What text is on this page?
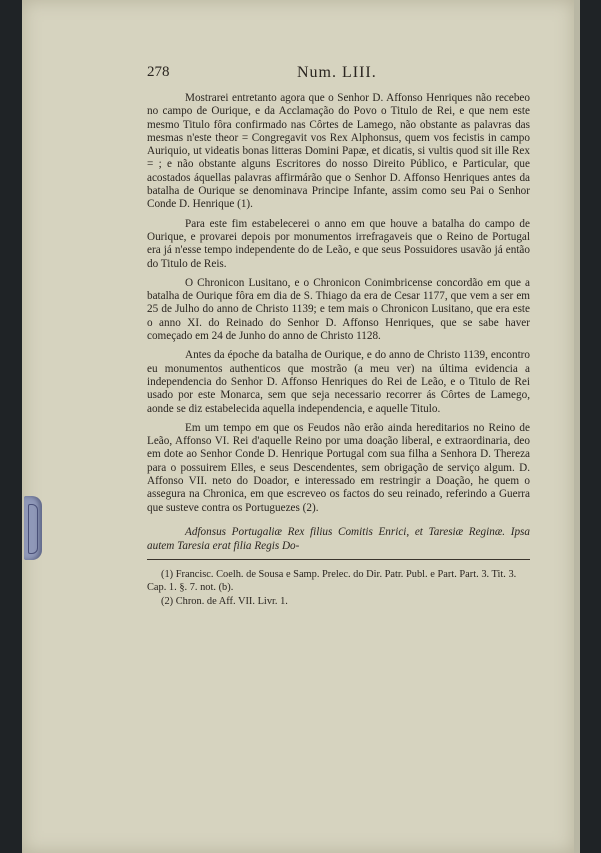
278	Num. LIII.

Mostrarei entretanto agora que o Senhor D. Affonso Henriques não recebeo no campo de Ourique, e da Acclamação do Povo o Titulo de Rei, e que nem este mesmo Titulo fôra confirmado nas Côrtes de Lamego, não obstante as palavras das mesmas n'este theor = Congregavit vos Rex Alphonsus, quem vos fecistis in campo Auriquio, ut videatis bonas litteras Domini Papæ, et dicatis, si vultis quod sit ille Rex = ; e não obstante alguns Escritores do nosso Direito Público, e Particular, que acostados áquellas palavras affirmárão que o Senhor D. Affonso Henriques antes da batalha de Ourique se denominava Principe Infante, assim como seu Pai o Senhor Conde D. Henrique (1).

Para este fim estabelecerei o anno em que houve a batalha do campo de Ourique, e provarei depois por monumentos irrefragaveis que o Reino de Portugal era já n'esse tempo independente do de Leão, e que seus Possuidores usavão já então do Titulo de Reis.

O Chronicon Lusitano, e o Chronicon Conimbricense concordão em que a batalha de Ourique fôra em dia de S. Thiago da era de Cesar 1177, que vem a ser em 25 de Julho do anno de Christo 1139; e tem mais o Chronicon Lusitano, que era este o anno XI. do Reinado do Senhor D. Affonso Henriques, que se sabe haver começado em 24 de Junho do anno de Christo 1128.

Antes da époche da batalha de Ourique, e do anno de Christo 1139, encontro eu monumentos authenticos que mostrão (a meu ver) na última evidencia a independencia do Senhor D. Affonso Henriques do Rei de Leão, e o Titulo de Rei usado por este Monarca, sem que seja necessario recorrer ás Côrtes de Lamego, aonde se diz estabelecida aquella independencia, e aquelle Titulo.

Em um tempo em que os Feudos não erão ainda hereditarios no Reino de Leão, Affonso VI. Rei d'aquelle Reino por uma doação liberal, e extraordinaria, deo em dote ao Senhor Conde D. Henrique Portugal com sua filha a Senhora D. Thereza para o possuirem Elles, e seus Descendentes, sem obrigação de serviço algum. D. Affonso VII. neto do Doador, e interessado em restringir a Doação, he quem o assegura na Chronica, em que escreveo os factos do seu reinado, referindo a Guerra que susteve contra os Portuguezes (2).

Adfonsus Portugaliæ Rex filius Comitis Enrici, et Taresiæ Reginæ. Ipsa autem Taresia erat filia Regis Do-

(1) Francisc. Coelh. de Sousa e Samp. Prelec. do Dir. Patr. Publ. e Part. Part. 3. Tit. 3. Cap. 1. §. 7. not. (b).

(2) Chron. de Aff. VII. Livr. 1.
